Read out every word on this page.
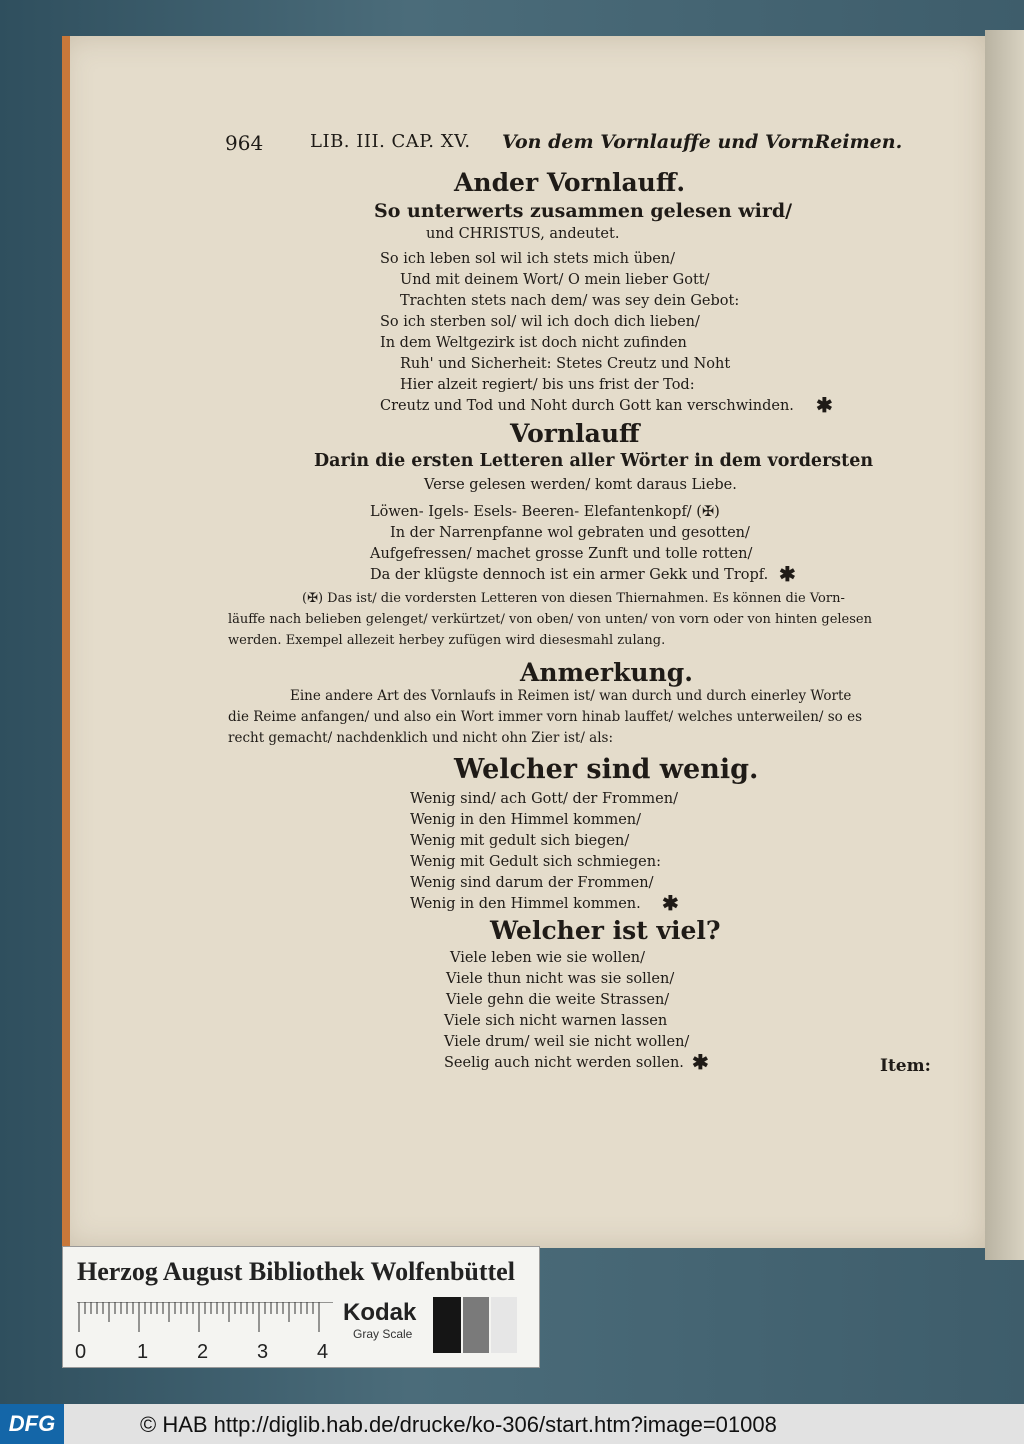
964	LIB. III. CAP. XV. Von dem Vornlauffe und VornReimen.
Ander Vornlauff.
So unterwerts zusammen gelesen wird/
und CHRISTUS, andeutet.
So ich leben sol wil ich stets mich üben/
Und mit deinem Wort/ O mein lieber Gott/
Trachten stets nach dem/ was sey dein Gebot:
So ich sterben sol/ wil ich doch dich lieben/
In dem Weltgezirk ist doch nicht zufinden
Ruh' und Sicherheit: Stetes Creutz und Noht
Hier alzeit regiert/ bis uns frist der Tod:
Creutz und Tod und Noht durch Gott kan verschwinden. ✱
Vornlauff
Darin die ersten Letteren aller Wörter in dem vordersten
Verse gelesen werden/ komt daraus Liebe.
Löwen- Igels- Esels- Beeren- Elefantenkopf/ (✠)
In der Narrenpfanne wol gebraten und gesotten/
Aufgefressen/ machet grosse Zunft und tolle rotten/
Da der klügste dennoch ist ein armer Gekk und Tropf. ✱
(✠) Das ist/ die vordersten Letteren von diesen Thiernahmen. Es können die Vorn-
läuffe nach belieben gelenget/ verkürtzet/ von oben/ von unten/ von vorn oder von hinten gelesen
werden. Exempel allezeit herbey zufügen wird diesesmahl zulang.
Anmerkung.
Eine andere Art des Vornlaufs in Reimen ist/ wan durch und durch einerley Worte
die Reime anfangen/ und also ein Wort immer vorn hinab lauffet/ welches unterweilen/ so es
recht gemacht/ nachdenklich und nicht ohn Zier ist/ als:
Welcher sind wenig.
Wenig sind/ ach Gott/ der Frommen/
Wenig in den Himmel kommen/
Wenig mit gedult sich biegen/
Wenig mit Gedult sich schmiegen:
Wenig sind darum der Frommen/
Wenig in den Himmel kommen. ✱
Welcher ist viel?
Viele leben wie sie wollen/
Viele thun nicht was sie sollen/
Viele gehn die weite Strassen/
Viele sich nicht warnen lassen
Viele drum/ weil sie nicht wollen/
Seelig auch nicht werden sollen. ✱	Item:
Herzog August Bibliothek Wolfenbüttel
0	1 2 3 4
Kodak
Gray Scale
DFG	© HAB http://diglib.hab.de/drucke/ko-306/start.htm?image=01008
